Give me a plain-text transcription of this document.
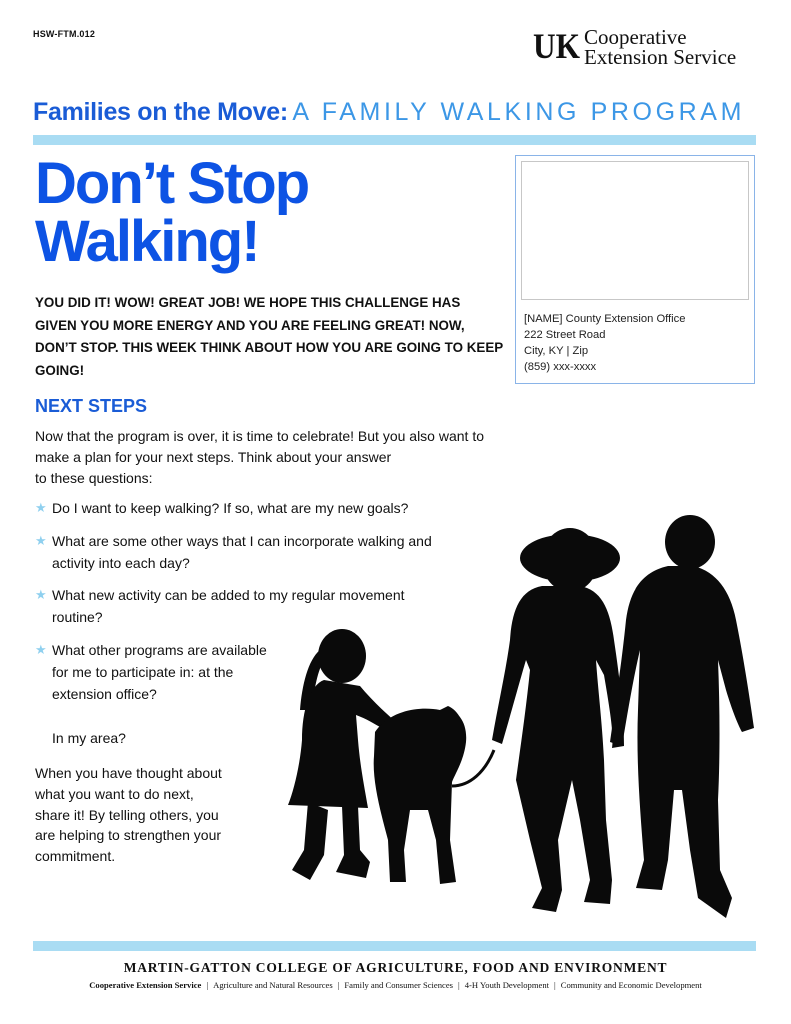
HSW-FTM.012	UK Cooperative
Extension Service
Families on the Move: A FAMILY WALKING PROGRAM
Don’t Stop
Walking!
YOU DID IT! WOW! GREAT JOB! WE HOPE THIS CHALLENGE HAS GIVEN YOU MORE ENERGY AND YOU ARE FEELING GREAT! NOW, DON’T STOP. THIS WEEK THINK ABOUT HOW YOU ARE GOING TO KEEP GOING!
[NAME] County Extension Office
222 Street Road
City, KY | Zip
(859) xxx-xxxx
NEXT STEPS
Now that the program is over, it is time to celebrate! But you also want to
make a plan for your next steps. Think about your answer
to these questions:
★ Do I want to keep walking? If so, what are my new goals?
★ What are some other ways that I can incorporate walking and
activity into each day?
★ What new activity can be added to my regular movement
routine?
★ What other programs are available
for me to participate in: at the
extension office?
In my area?
When you have thought about
what you want to do next,
share it! By telling others, you
are helping to strengthen your
commitment.
MARTIN-GATTON COLLEGE OF AGRICULTURE, FOOD AND ENVIRONMENT
Cooperative Extension Service | Agriculture and Natural Resources | Family and Consumer Sciences | 4-H Youth Development | Community and Economic Development
